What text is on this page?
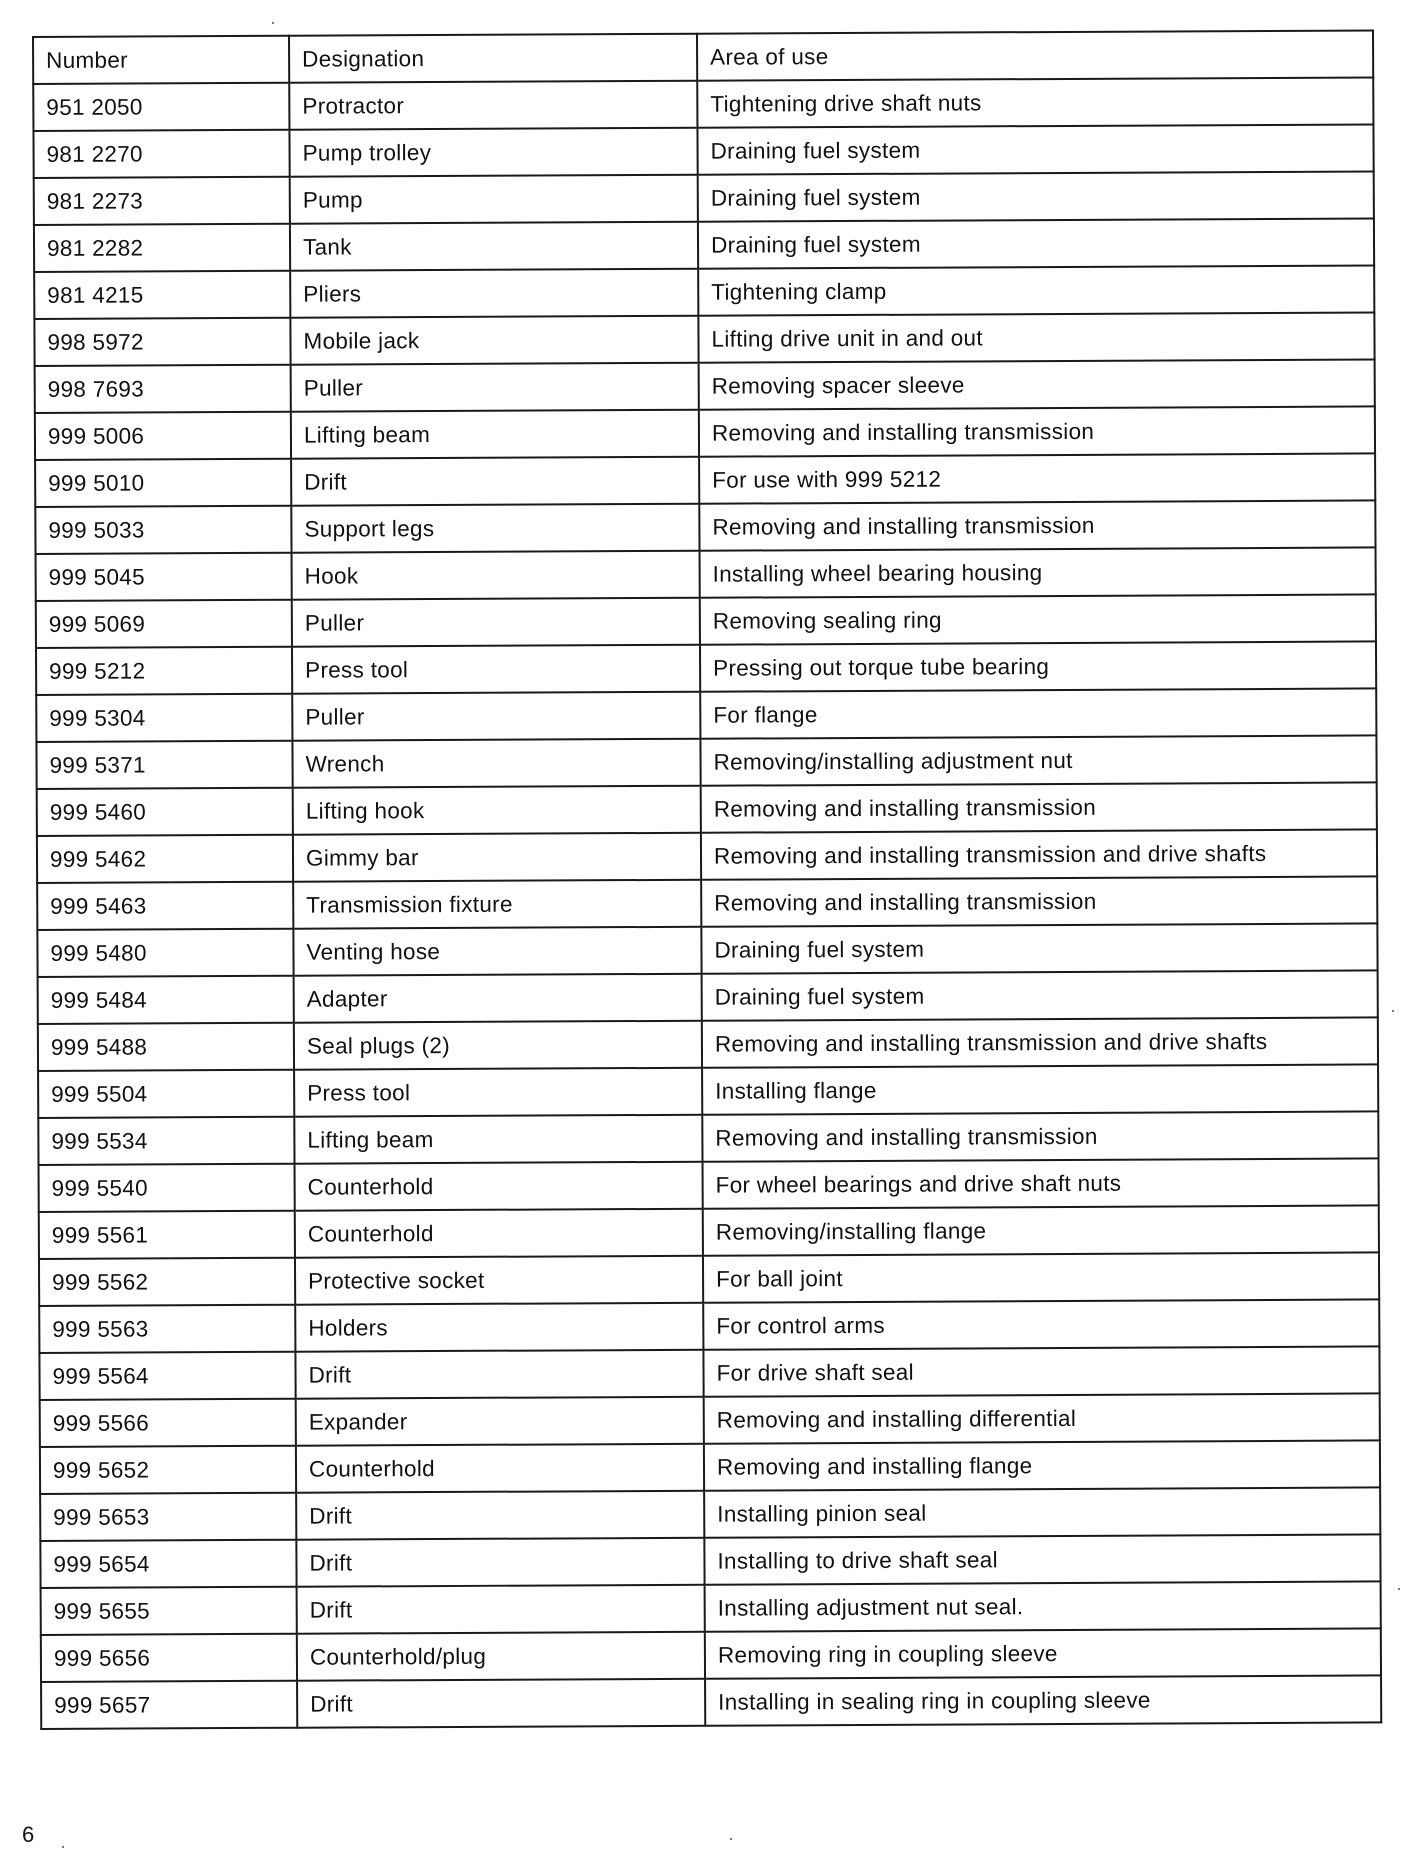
Number	Designation	Area of use
951 2050	Protractor	Tightening drive shaft nuts
981 2270	Pump trolley	Draining fuel system
981 2273	Pump	Draining fuel system
981 2282	Tank	Draining fuel system
981 4215	Pliers	Tightening clamp
998 5972	Mobile jack	Lifting drive unit in and out
998 7693	Puller	Removing spacer sleeve
999 5006	Lifting beam	Removing and installing transmission
999 5010	Drift	For use with 999 5212
999 5033	Support legs	Removing and installing transmission
999 5045	Hook	Installing wheel bearing housing
999 5069	Puller	Removing sealing ring
999 5212	Press tool	Pressing out torque tube bearing
999 5304	Puller	For flange
999 5371	Wrench	Removing/installing adjustment nut
999 5460	Lifting hook	Removing and installing transmission
999 5462	Gimmy bar	Removing and installing transmission and drive shafts
999 5463	Transmission fixture	Removing and installing transmission
999 5480	Venting hose	Draining fuel system
999 5484	Adapter	Draining fuel system
999 5488	Seal plugs (2)	Removing and installing transmission and drive shafts
999 5504	Press tool	Installing flange
999 5534	Lifting beam	Removing and installing transmission
999 5540	Counterhold	For wheel bearings and drive shaft nuts
999 5561	Counterhold	Removing/installing flange
999 5562	Protective socket	For ball joint
999 5563	Holders	For control arms
999 5564	Drift	For drive shaft seal
999 5566	Expander	Removing and installing differential
999 5652	Counterhold	Removing and installing flange
999 5653	Drift	Installing pinion seal
999 5654	Drift	Installing to drive shaft seal
999 5655	Drift	Installing adjustment nut seal.
999 5656	Counterhold/plug	Removing ring in coupling sleeve
999 5657	Drift	Installing in sealing ring in coupling sleeve
6
